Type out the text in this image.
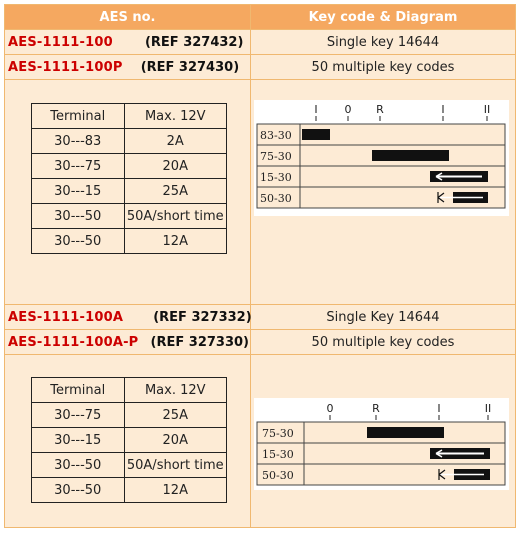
AES no.	Key code & Diagram
AES-1111-100 (REF 327432)	Single key 14644
AES-1111-100P (REF 327430)	50 multiple key codes

Terminal	Max. 12V
30---83	2A
30---75	20A
30---15	25A
30---50	50A/short time
30---50	12A

I 0 R	I	II
83-30
75-30
15-30
50-30

AES-1111-100A (REF 327332)	Single Key 14644
AES-1111-100A-P (REF 327330)	50 multiple key codes

Terminal	Max. 12V
30---75	25A
30---15	20A
30---50	50A/short time
30---50	12A

0	R	I	II
75-30
15-30
50-30
